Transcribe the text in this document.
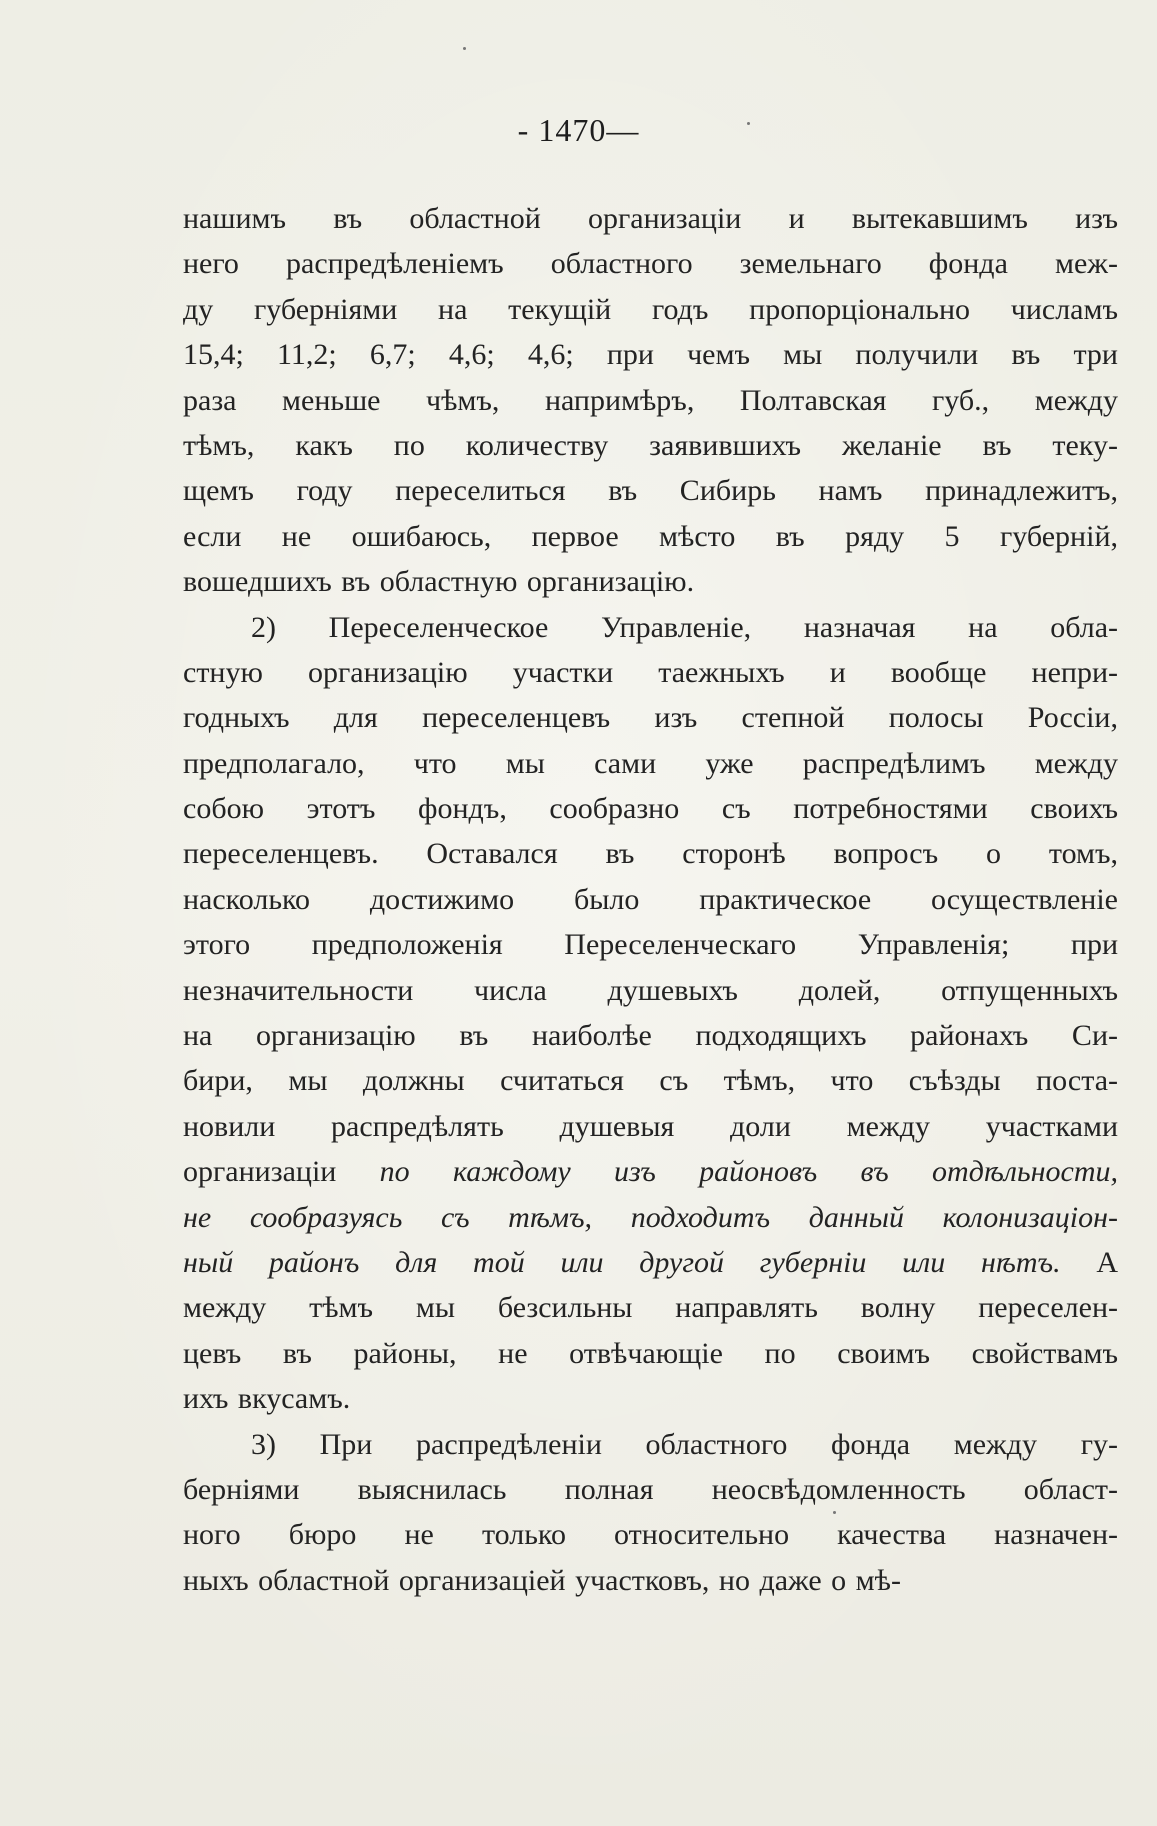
- 1470—
нашимъ въ областной организаціи и вытекавшимъ изъ
него распредѣленіемъ областного земельнаго фонда меж-
ду губерніями на текущій годъ пропорціонально числамъ
15,4; 11,2; 6,7; 4,6; 4,6; при чемъ мы получили въ три
раза меньше чѣмъ, напримѣръ, Полтавская губ., между
тѣмъ, какъ по количеству заявившихъ желаніе въ теку-
щемъ году переселиться въ Сибирь намъ принадлежитъ,
если не ошибаюсь, первое мѣсто въ ряду 5 губерній,
вошедшихъ въ областную организацію.
2) Переселенческое Управленіе, назначая на обла-
стную организацію участки таежныхъ и вообще непри-
годныхъ для переселенцевъ изъ степной полосы Россіи,
предполагало, что мы сами уже распредѣлимъ между
собою этотъ фондъ, сообразно съ потребностями своихъ
переселенцевъ. Оставался въ сторонѣ вопросъ о томъ,
насколько достижимо было практическое осуществленіе
этого предположенія Переселенческаго Управленія; при
незначительности числа душевыхъ долей, отпущенныхъ
на организацію въ наиболѣе подходящихъ районахъ Си-
бири, мы должны считаться съ тѣмъ, что съѣзды поста-
новили распредѣлять душевыя доли между участками
организаціи по каждому изъ районовъ въ отдѣльности,
не сообразуясь съ тѣмъ, подходитъ данный колонизаціон-
ный районъ для той или другой губерніи или нѣтъ. А
между тѣмъ мы безсильны направлять волну переселен-
цевъ въ районы, не отвѣчающіе по своимъ свойствамъ
ихъ вкусамъ.
3) При распредѣленіи областного фонда между гу-
берніями выяснилась полная неосвѣдомленность област-
ного бюро не только относительно качества назначен-
ныхъ областной организаціей участковъ, но даже о мѣ-
